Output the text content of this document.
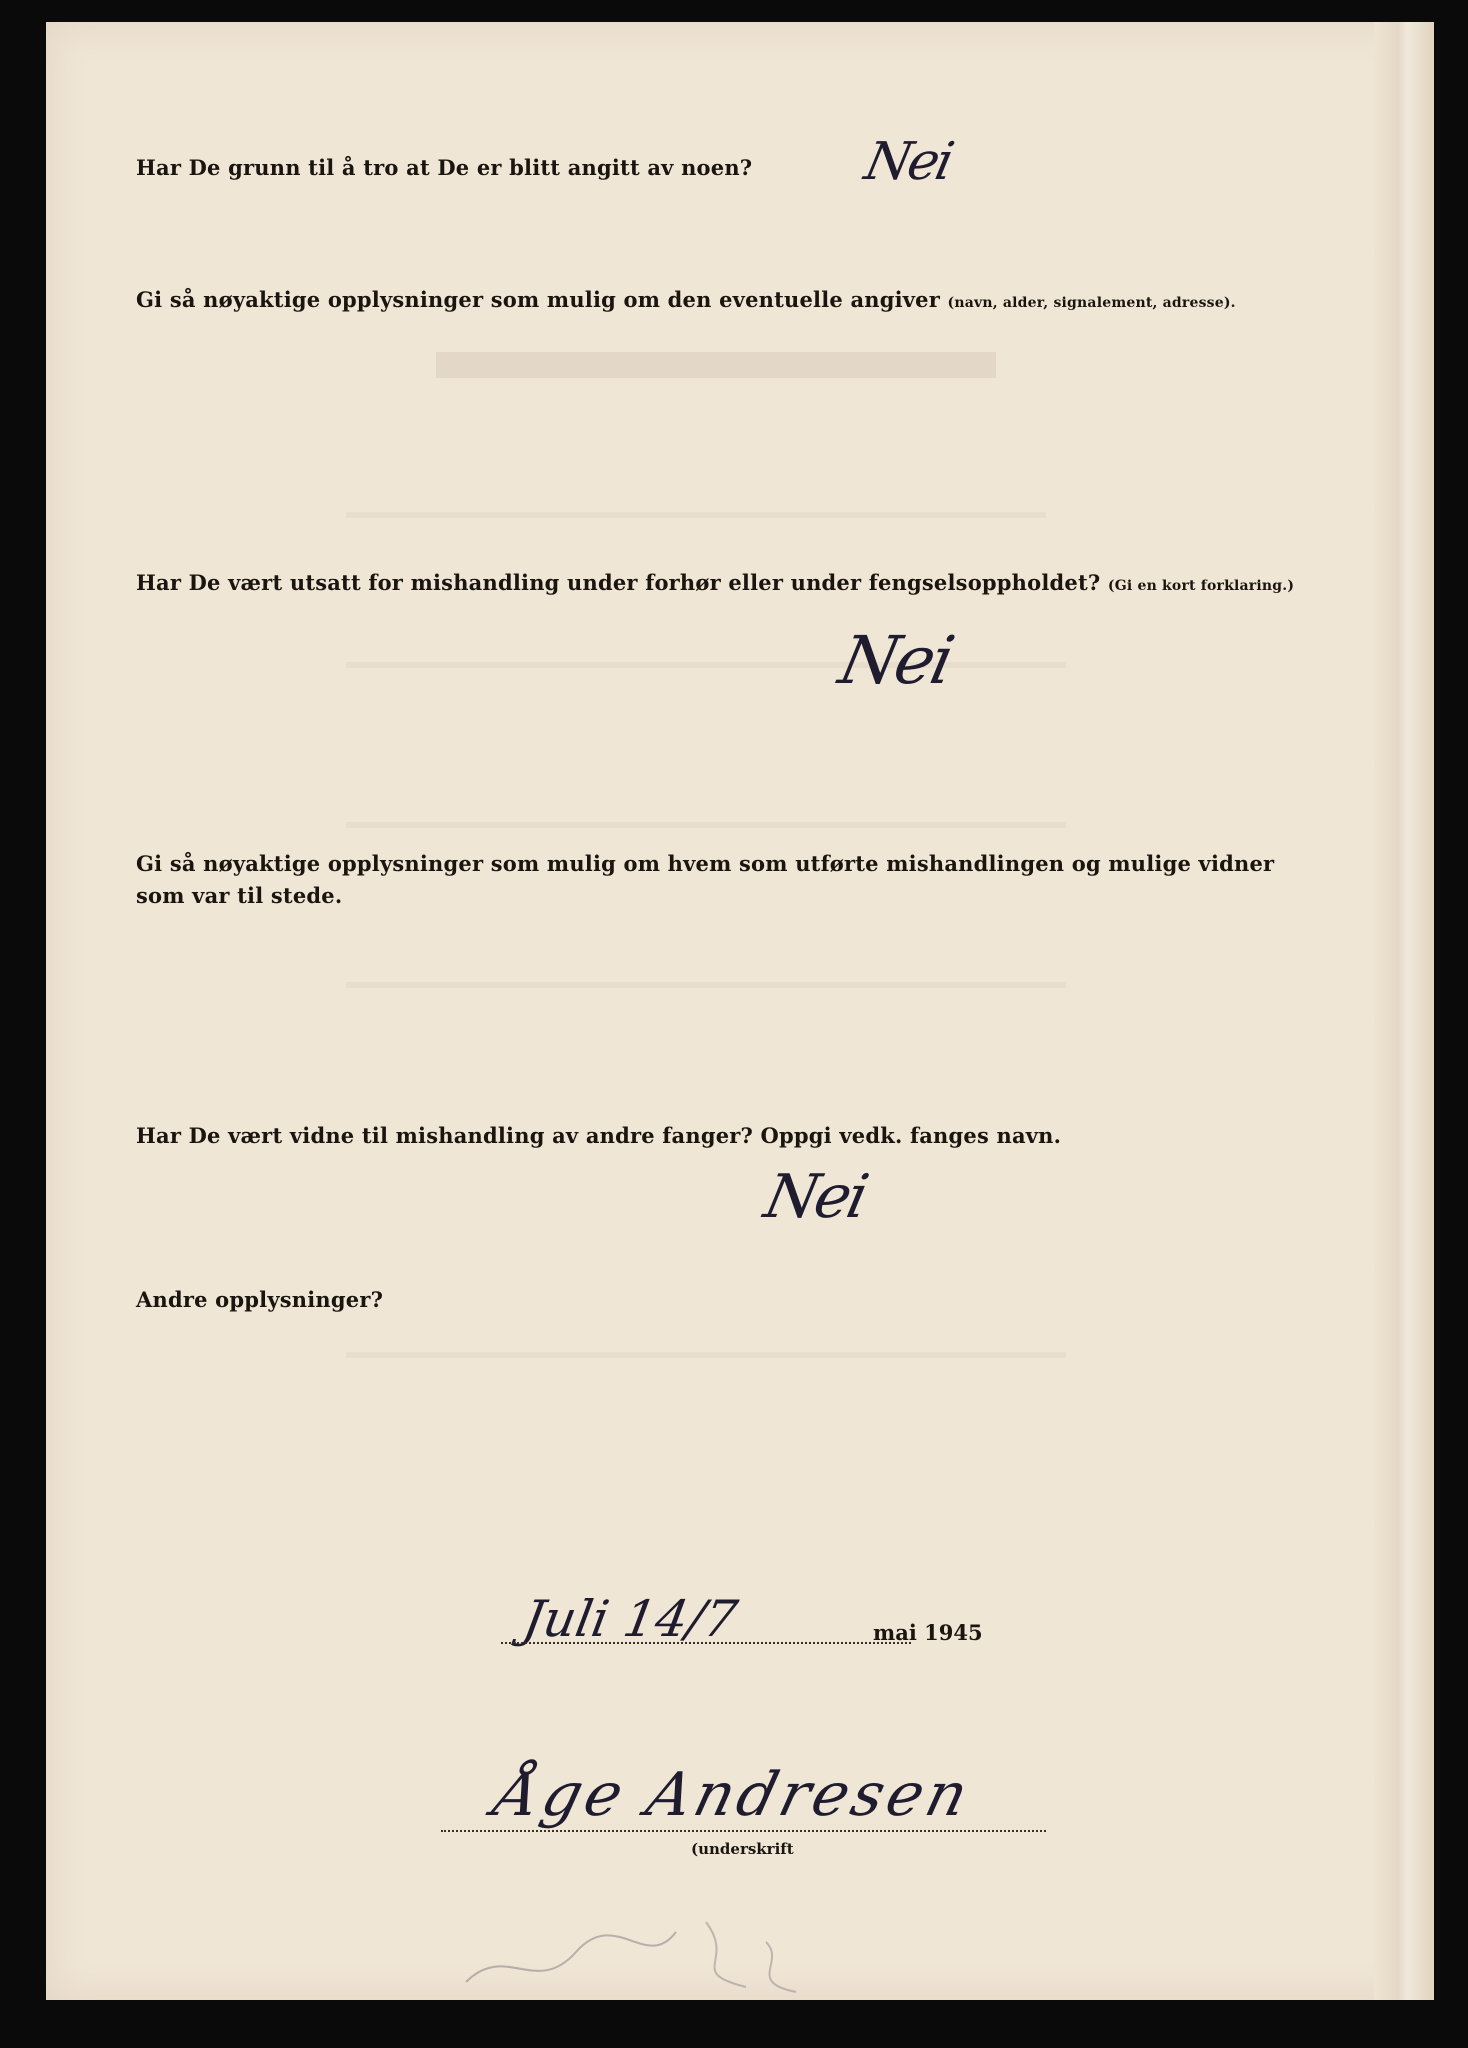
Har De grunn til å tro at De er blitt angitt av noen? Nei

Gi så nøyaktige opplysninger som mulig om den eventuelle angiver (navn, alder, signalement, adresse).

Har De vært utsatt for mishandling under forhør eller under fengselsoppholdet? (Gi en kort forklaring.)

Nei

Gi så nøyaktige opplysninger som mulig om hvem som utførte mishandlingen og mulige vidner
som var til stede.

Har De vært vidne til mishandling av andre fanger? Oppgi vedk. fanges navn.

Nei

Andre opplysninger?

Juli 14/7	mai 1945
Åge Andresen
(underskrift
